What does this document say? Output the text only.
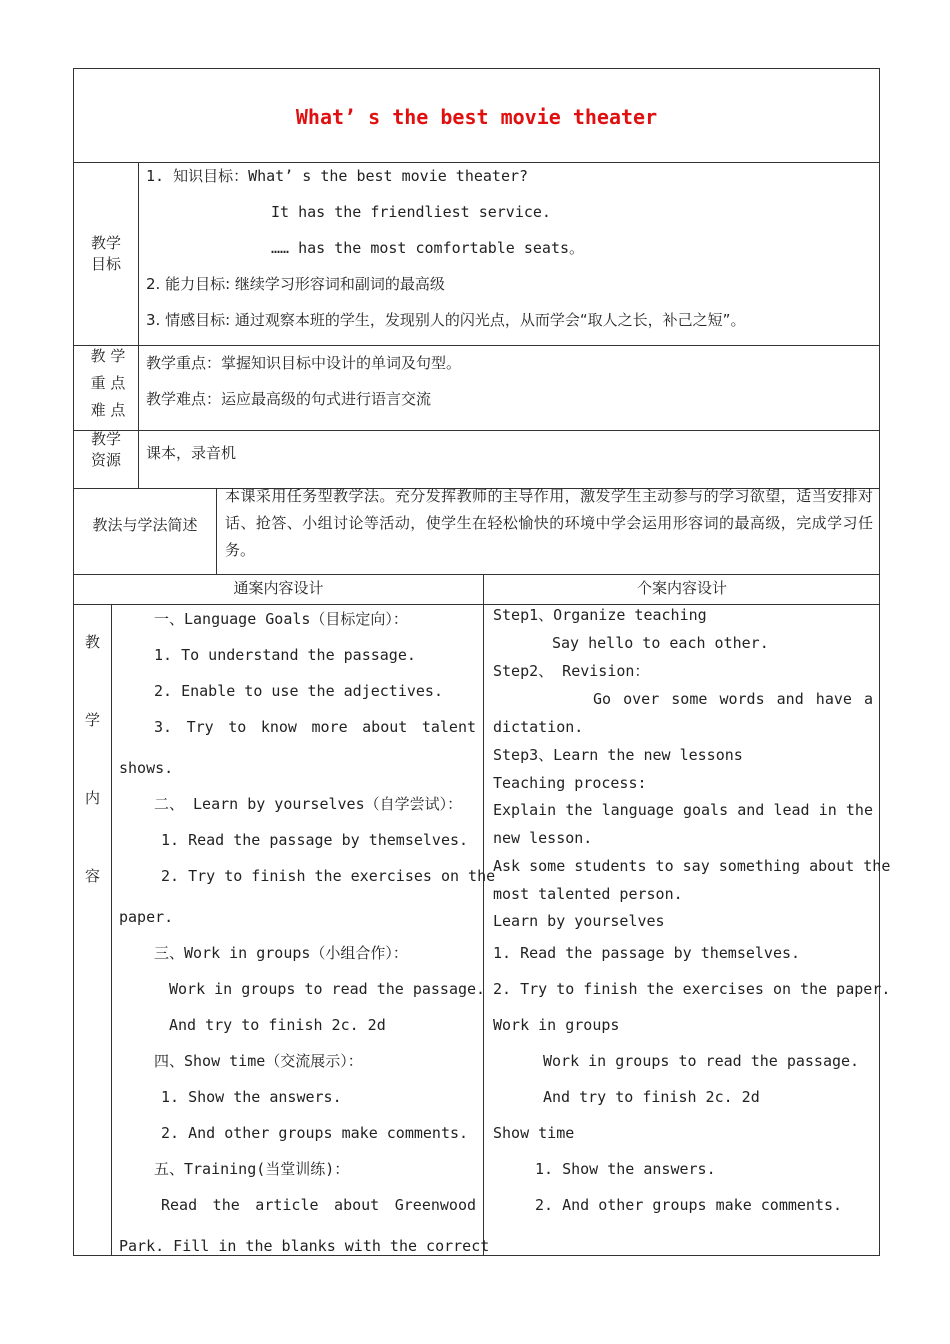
What’ s the best movie theater
教学
目标
1. 知识目标：What’ s the best movie theater?
It has the friendliest service.
…… has the most comfortable seats。
2. 能力目标: 继续学习形容词和副词的最高级
3. 情感目标: 通过观察本班的学生，发现别人的闪光点，从而学会“取人之长，补己之短”。
教 学
重 点
难 点
教学重点：掌握知识目标中设计的单词及句型。
教学难点：运应最高级的句式进行语言交流
教学
资源	课本，录音机
教法与学法简述
本课采用任务型教学法。充分发挥教师的主导作用，激发学生主动参与的学习欲望，适当安排对话、抢答、小组讨论等活动，使学生在轻松愉快的环境中学会运用形容词的最高级，完成学习任务。
通案内容设计	个案内容设计
教
学
内
容
一、Language Goals（目标定向）：
1. To understand the passage.
2. Enable to use the adjectives.
3. Try to know more about talent
shows.
二、 Learn by yourselves（自学尝试）：
1. Read the passage by themselves.
2. Try to finish the exercises on the
paper.
三、Work in groups（小组合作）：
Work in groups to read the passage.
And try to finish 2c. 2d
四、Show time（交流展示）：
1. Show the answers.
2. And other groups make comments.
五、Training(当堂训练)：
Read the article about Greenwood
Park. Fill in the blanks with the correct
Step1、Organize teaching
Say hello to each other.
Step2、 Revision：
Go over some words and have a
dictation.
Step3、Learn the new lessons
Teaching process:
Explain the language goals and lead in the
new lesson.
Ask some students to say something about the
most talented person.
Learn by yourselves
1. Read the passage by themselves.
2. Try to finish the exercises on the paper.
Work in groups
Work in groups to read the passage.
And try to finish 2c. 2d
Show time
1. Show the answers.
2. And other groups make comments.
